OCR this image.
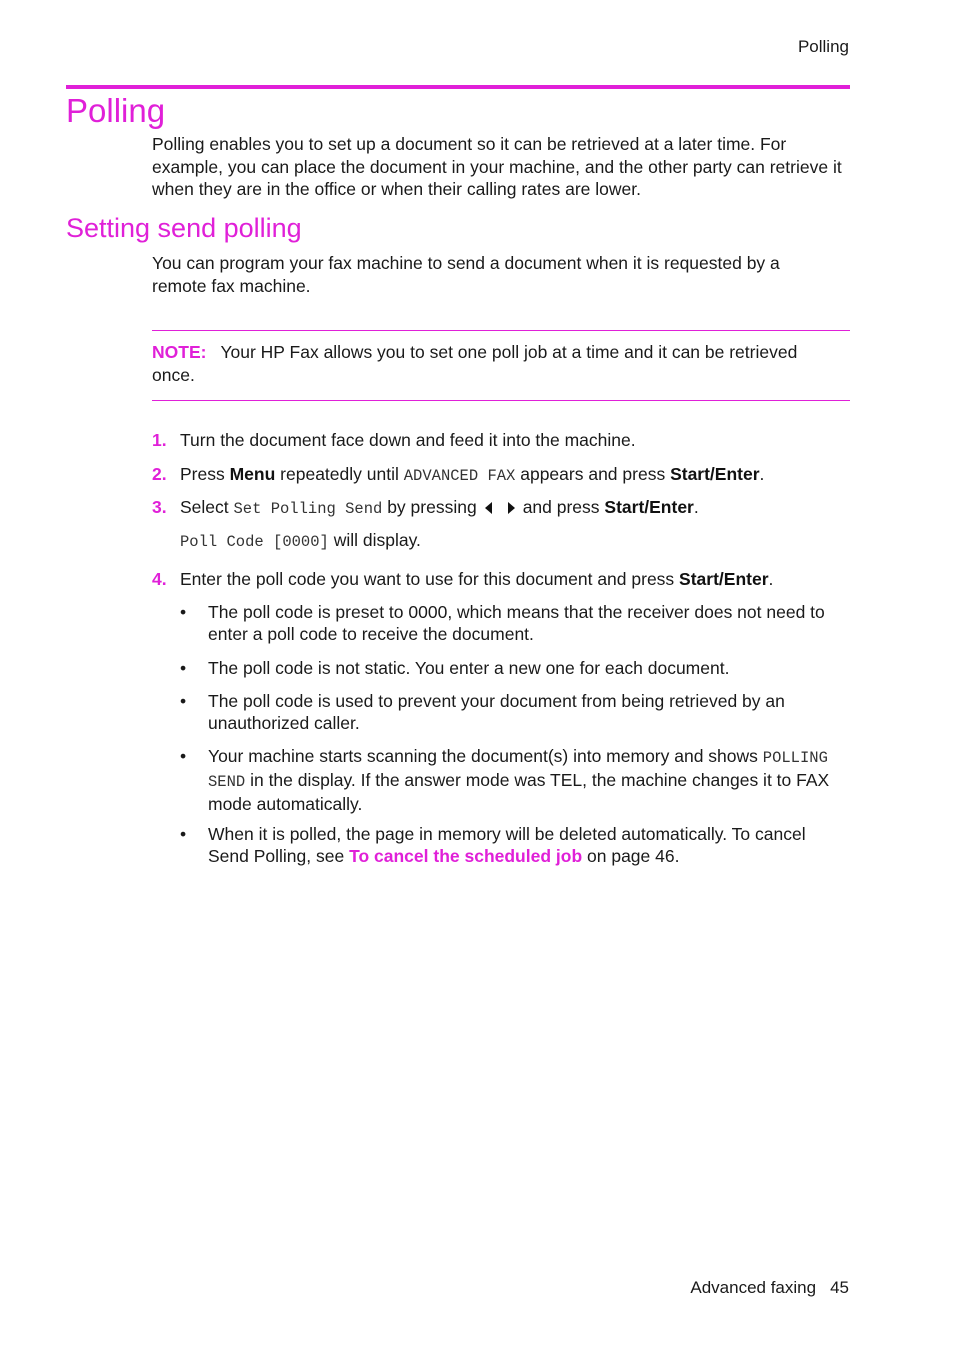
Polling
Polling

Polling enables you to set up a document so it can be retrieved at a later time. For example, you can place the document in your machine, and the other party can retrieve it when they are in the office or when their calling rates are lower.

Setting send polling

You can program your fax machine to send a document when it is requested by a remote fax machine.

NOTE: Your HP Fax allows you to set one poll job at a time and it can be retrieved once.
1. Turn the document face down and feed it into the machine.
2. Press Menu repeatedly until ADVANCED FAX appears and press Start/Enter.
3. Select Set Polling Send by pressing	and press Start/Enter.
Poll Code [0000] will display.
4. Enter the poll code you want to use for this document and press Start/Enter.
• The poll code is preset to 0000, which means that the receiver does not need to enter a poll code to receive the document.
• The poll code is not static. You enter a new one for each document.
• The poll code is used to prevent your document from being retrieved by an unauthorized caller.
• Your machine starts scanning the document(s) into memory and shows POLLING SEND in the display. If the answer mode was TEL, the machine changes it to FAX mode automatically.
• When it is polled, the page in memory will be deleted automatically. To cancel Send Polling, see To cancel the scheduled job on page 46.
Advanced faxing 45
